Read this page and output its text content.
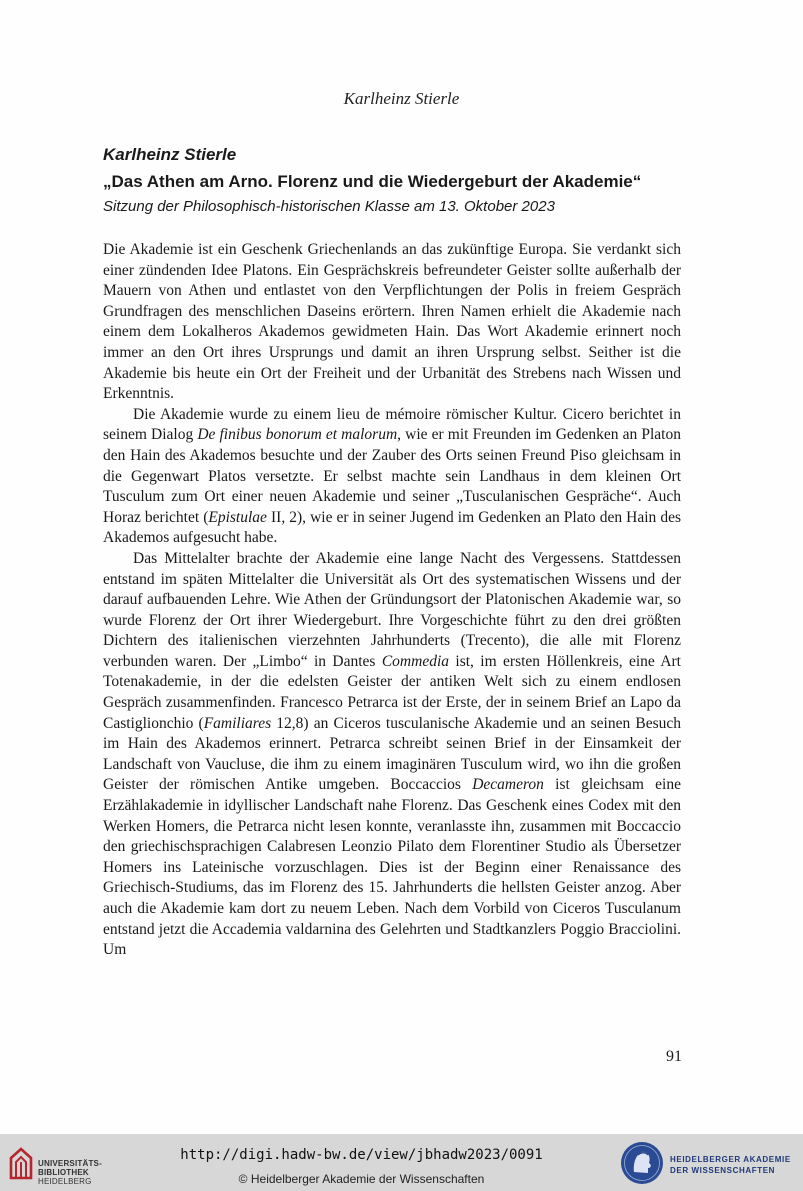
Karlheinz Stierle
Karlheinz Stierle
„Das Athen am Arno. Florenz und die Wiedergeburt der Akademie“
Sitzung der Philosophisch-historischen Klasse am 13. Oktober 2023

Die Akademie ist ein Geschenk Griechenlands an das zukünftige Europa. Sie verdankt sich einer zündenden Idee Platons. Ein Gesprächskreis befreundeter Geister sollte außerhalb der Mauern von Athen und entlastet von den Verpflichtungen der Polis in freiem Gespräch Grundfragen des menschlichen Daseins erörtern. Ihren Namen erhielt die Akademie nach einem dem Lokalheros Akademos gewidmeten Hain. Das Wort Akademie erinnert noch immer an den Ort ihres Ursprungs und damit an ihren Ursprung selbst. Seither ist die Akademie bis heute ein Ort der Freiheit und der Urbanität des Strebens nach Wissen und Erkenntnis.

Die Akademie wurde zu einem lieu de mémoire römischer Kultur. Cicero berichtet in seinem Dialog De finibus bonorum et malorum, wie er mit Freunden im Gedenken an Platon den Hain des Akademos besuchte und der Zauber des Orts seinen Freund Piso gleichsam in die Gegenwart Platos versetzte. Er selbst machte sein Landhaus in dem kleinen Ort Tusculum zum Ort einer neuen Akademie und seiner „Tusculanischen Gespräche“. Auch Horaz berichtet (Epistulae II, 2), wie er in seiner Jugend im Gedenken an Plato den Hain des Akademos aufgesucht habe.

Das Mittelalter brachte der Akademie eine lange Nacht des Vergessens. Stattdessen entstand im späten Mittelalter die Universität als Ort des systematischen Wissens und der darauf aufbauenden Lehre. Wie Athen der Gründungsort der Platonischen Akademie war, so wurde Florenz der Ort ihrer Wiedergeburt. Ihre Vorgeschichte führt zu den drei größten Dichtern des italienischen vierzehnten Jahrhunderts (Trecento), die alle mit Florenz verbunden waren. Der „Limbo“ in Dantes Commedia ist, im ersten Höllenkreis, eine Art Totenakademie, in der die edelsten Geister der antiken Welt sich zu einem endlosen Gespräch zusammenfinden. Francesco Petrarca ist der Erste, der in seinem Brief an Lapo da Castiglionchio (Familiares 12,8) an Ciceros tusculanische Akademie und an seinen Besuch im Hain des Akademos erinnert. Petrarca schreibt seinen Brief in der Einsamkeit der Landschaft von Vaucluse, die ihm zu einem imaginären Tusculum wird, wo ihn die großen Geister der römischen Antike umgeben. Boccaccios Decameron ist gleichsam eine Erzählakademie in idyllischer Landschaft nahe Florenz. Das Geschenk eines Codex mit den Werken Homers, die Petrarca nicht lesen konnte, veranlasste ihn, zusammen mit Boccaccio den griechischsprachigen Calabresen Leonzio Pilato dem Florentiner Studio als Übersetzer Homers ins Lateinische vorzuschlagen. Dies ist der Beginn einer Renaissance des Griechisch-Studiums, das im Florenz des 15. Jahrhunderts die hellsten Geister anzog. Aber auch die Akademie kam dort zu neuem Leben. Nach dem Vorbild von Ciceros Tusculanum entstand jetzt die Accademia valdarnina des Gelehrten und Stadtkanzlers Poggio Bracciolini. Um

91
UNIVERSITÄTS-
BIBLIOTHEK
HEIDELBERG
http://digi.hadw-bw.de/view/jbhadw2023/0091
© Heidelberger Akademie der Wissenschaften
HEIDELBERGER AKADEMIE
DER WISSENSCHAFTEN
